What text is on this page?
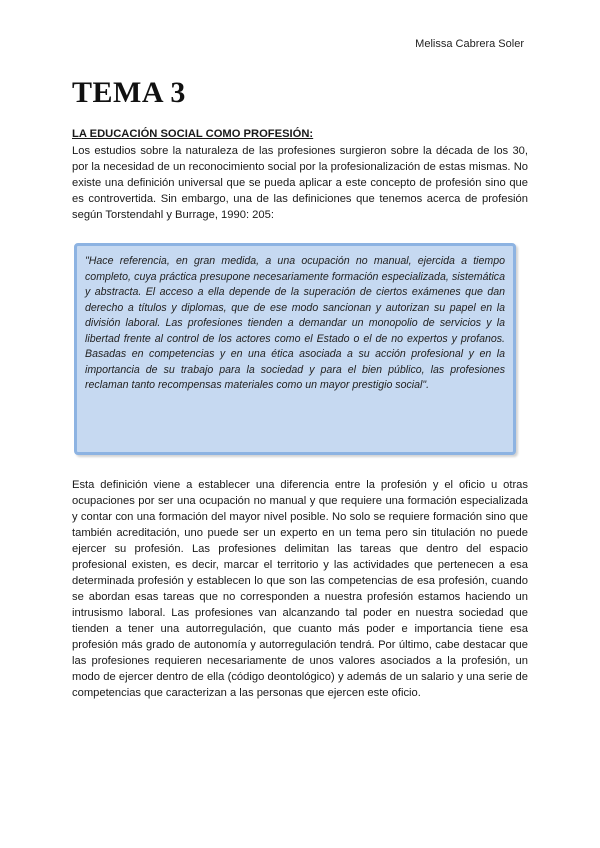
Melissa Cabrera Soler
TEMA 3
LA EDUCACIÓN SOCIAL COMO PROFESIÓN:

Los estudios sobre la naturaleza de las profesiones surgieron sobre la década de los 30, por la necesidad de un reconocimiento social por la profesionalización de estas mismas. No existe una definición universal que se pueda aplicar a este concepto de profesión sino que es controvertida. Sin embargo, una de las definiciones que tenemos acerca de profesión según Torstendahl y Burrage, 1990: 205:

"Hace referencia, en gran medida, a una ocupación no manual, ejercida a tiempo completo, cuya práctica presupone necesariamente formación especializada, sistemática y abstracta. El acceso a ella depende de la superación de ciertos exámenes que dan derecho a títulos y diplomas, que de ese modo sancionan y autorizan su papel en la división laboral. Las profesiones tienden a demandar un monopolio de servicios y la libertad frente al control de los actores como el Estado o el de no expertos y profanos. Basadas en competencias y en una ética asociada a su acción profesional y en la importancia de su trabajo para la sociedad y para el bien público, las profesiones reclaman tanto recompensas materiales como un mayor prestigio social".

Esta definición viene a establecer una diferencia entre la profesión y el oficio u otras ocupaciones por ser una ocupación no manual y que requiere una formación especializada y contar con una formación del mayor nivel posible. No solo se requiere formación sino que también acreditación, uno puede ser un experto en un tema pero sin titulación no puede ejercer su profesión. Las profesiones delimitan las tareas que dentro del espacio profesional existen, es decir, marcar el territorio y las actividades que pertenecen a esa determinada profesión y establecen lo que son las competencias de esa profesión, cuando se abordan esas tareas que no corresponden a nuestra profesión estamos haciendo un intrusismo laboral. Las profesiones van alcanzando tal poder en nuestra sociedad que tienden a tener una autorregulación, que cuanto más poder e importancia tiene esa profesión más grado de autonomía y autorregulación tendrá. Por último, cabe destacar que las profesiones requieren necesariamente de unos valores asociados a la profesión, un modo de ejercer dentro de ella (código deontológico) y además de un salario y una serie de competencias que caracterizan a las personas que ejercen este oficio.
